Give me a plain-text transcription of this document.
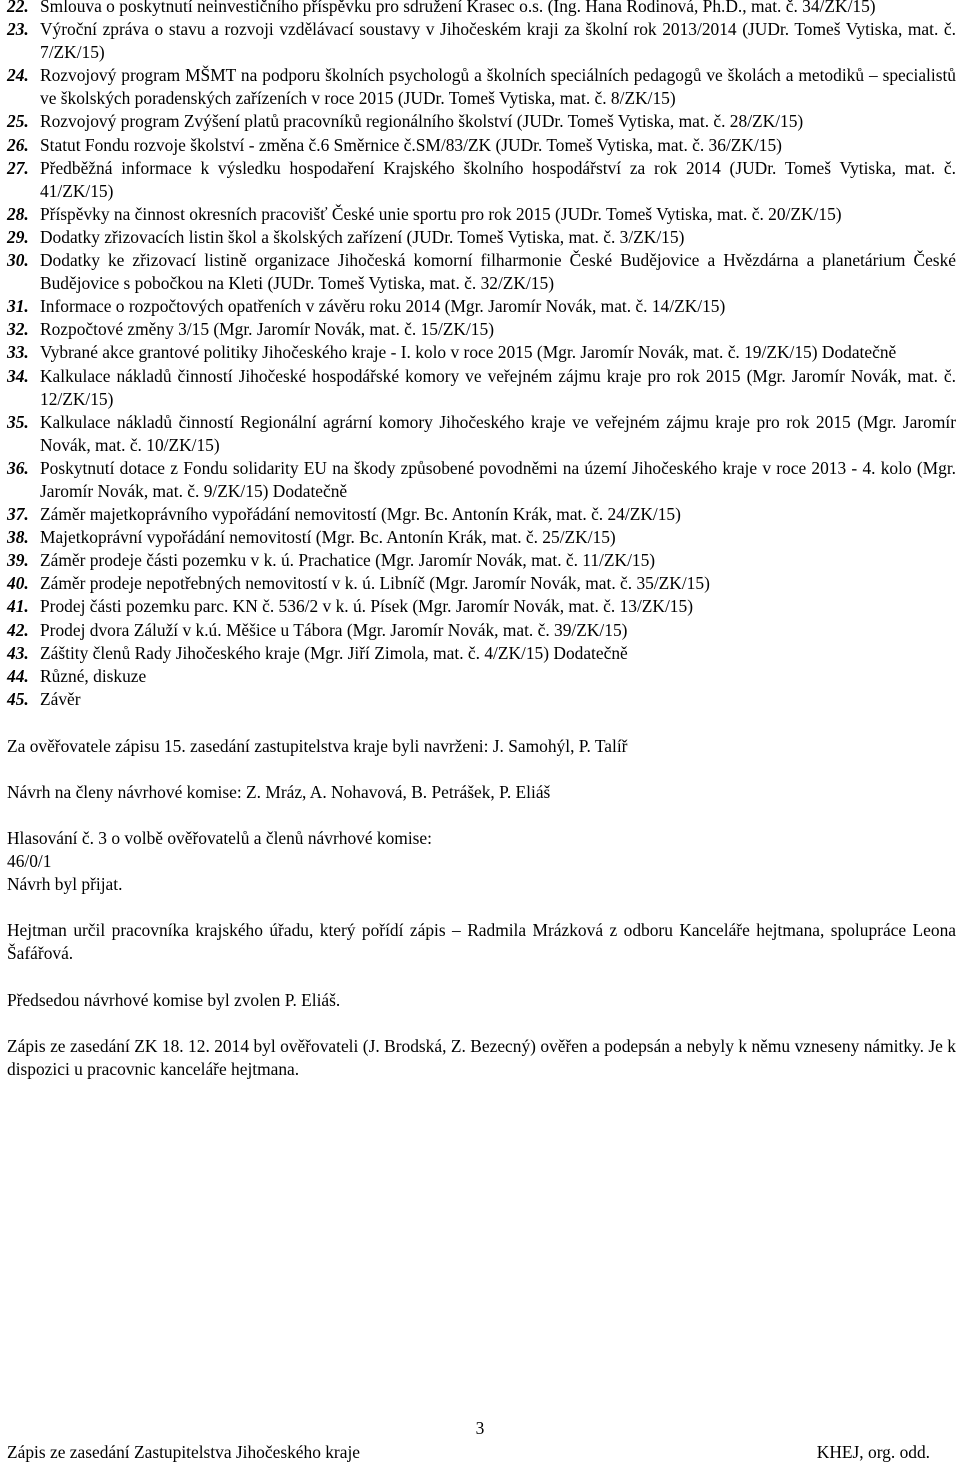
22. Smlouva o poskytnutí neinvestičního příspěvku pro sdružení Krasec o.s. (Ing. Hana Rodinová, Ph.D., mat. č. 34/ZK/15)
23. Výroční zpráva o stavu a rozvoji vzdělávací soustavy v Jihočeském kraji za školní rok 2013/2014 (JUDr. Tomeš Vytiska, mat. č. 7/ZK/15)
24. Rozvojový program MŠMT na podporu školních psychologů a školních speciálních pedagogů ve školách a metodiků – specialistů ve školských poradenských zařízeních v roce 2015 (JUDr. Tomeš Vytiska, mat. č. 8/ZK/15)
25. Rozvojový program Zvýšení platů pracovníků regionálního školství (JUDr. Tomeš Vytiska, mat. č. 28/ZK/15)
26. Statut Fondu rozvoje školství - změna č.6 Směrnice č.SM/83/ZK (JUDr. Tomeš Vytiska, mat. č. 36/ZK/15)
27. Předběžná informace k výsledku hospodaření Krajského školního hospodářství za rok 2014 (JUDr. Tomeš Vytiska, mat. č. 41/ZK/15)
28. Příspěvky na činnost okresních pracovišť České unie sportu pro rok 2015 (JUDr. Tomeš Vytiska, mat. č. 20/ZK/15)
29. Dodatky zřizovacích listin škol a školských zařízení (JUDr. Tomeš Vytiska, mat. č. 3/ZK/15)
30. Dodatky ke zřizovací listině organizace Jihočeská komorní filharmonie České Budějovice a Hvězdárna a planetárium České Budějovice s pobočkou na Kleti (JUDr. Tomeš Vytiska, mat. č. 32/ZK/15)
31. Informace o rozpočtových opatřeních v závěru roku 2014 (Mgr. Jaromír Novák, mat. č. 14/ZK/15)
32. Rozpočtové změny 3/15 (Mgr. Jaromír Novák, mat. č. 15/ZK/15)
33. Vybrané akce grantové politiky Jihočeského kraje - I. kolo v roce 2015 (Mgr. Jaromír Novák, mat. č. 19/ZK/15) Dodatečně
34. Kalkulace nákladů činností Jihočeské hospodářské komory ve veřejném zájmu kraje pro rok 2015 (Mgr. Jaromír Novák, mat. č. 12/ZK/15)
35. Kalkulace nákladů činností Regionální agrární komory Jihočeského kraje ve veřejném zájmu kraje pro rok 2015 (Mgr. Jaromír Novák, mat. č. 10/ZK/15)
36. Poskytnutí dotace z Fondu solidarity EU na škody způsobené povodněmi na území Jihočeského kraje v roce 2013 - 4. kolo (Mgr. Jaromír Novák, mat. č. 9/ZK/15) Dodatečně
37. Záměr majetkoprávního vypořádání nemovitostí (Mgr. Bc. Antonín Krák, mat. č. 24/ZK/15)
38. Majetkoprávní vypořádání nemovitostí (Mgr. Bc. Antonín Krák, mat. č. 25/ZK/15)
39. Záměr prodeje části pozemku v k. ú. Prachatice (Mgr. Jaromír Novák, mat. č. 11/ZK/15)
40. Záměr prodeje nepotřebných nemovitostí v k. ú. Libníč (Mgr. Jaromír Novák, mat. č. 35/ZK/15)
41. Prodej části pozemku parc. KN č. 536/2 v k. ú. Písek (Mgr. Jaromír Novák, mat. č. 13/ZK/15)
42. Prodej dvora Záluží v k.ú. Měšice u Tábora (Mgr. Jaromír Novák, mat. č. 39/ZK/15)
43. Záštity členů Rady Jihočeského kraje (Mgr. Jiří Zimola, mat. č. 4/ZK/15) Dodatečně
44. Různé, diskuze
45. Závěr

Za ověřovatele zápisu 15. zasedání zastupitelstva kraje byli navrženi: J. Samohýl, P. Talíř

Návrh na členy návrhové komise: Z. Mráz, A. Nohavová, B. Petrášek, P. Eliáš

Hlasování č. 3 o volbě ověřovatelů a členů návrhové komise:

46/0/1

Návrh byl přijat.

Hejtman určil pracovníka krajského úřadu, který pořídí zápis – Radmila Mrázková z odboru Kanceláře hejtmana, spolupráce Leona Šafářová.

Předsedou návrhové komise byl zvolen P. Eliáš.

Zápis ze zasedání ZK 18. 12. 2014 byl ověřovateli (J. Brodská, Z. Bezecný) ověřen a podepsán a nebyly k němu vzneseny námitky. Je k dispozici u pracovnic kanceláře hejtmana.

3
Zápis ze zasedání Zastupitelstva Jihočeského kraje	KHEJ, org. odd.
